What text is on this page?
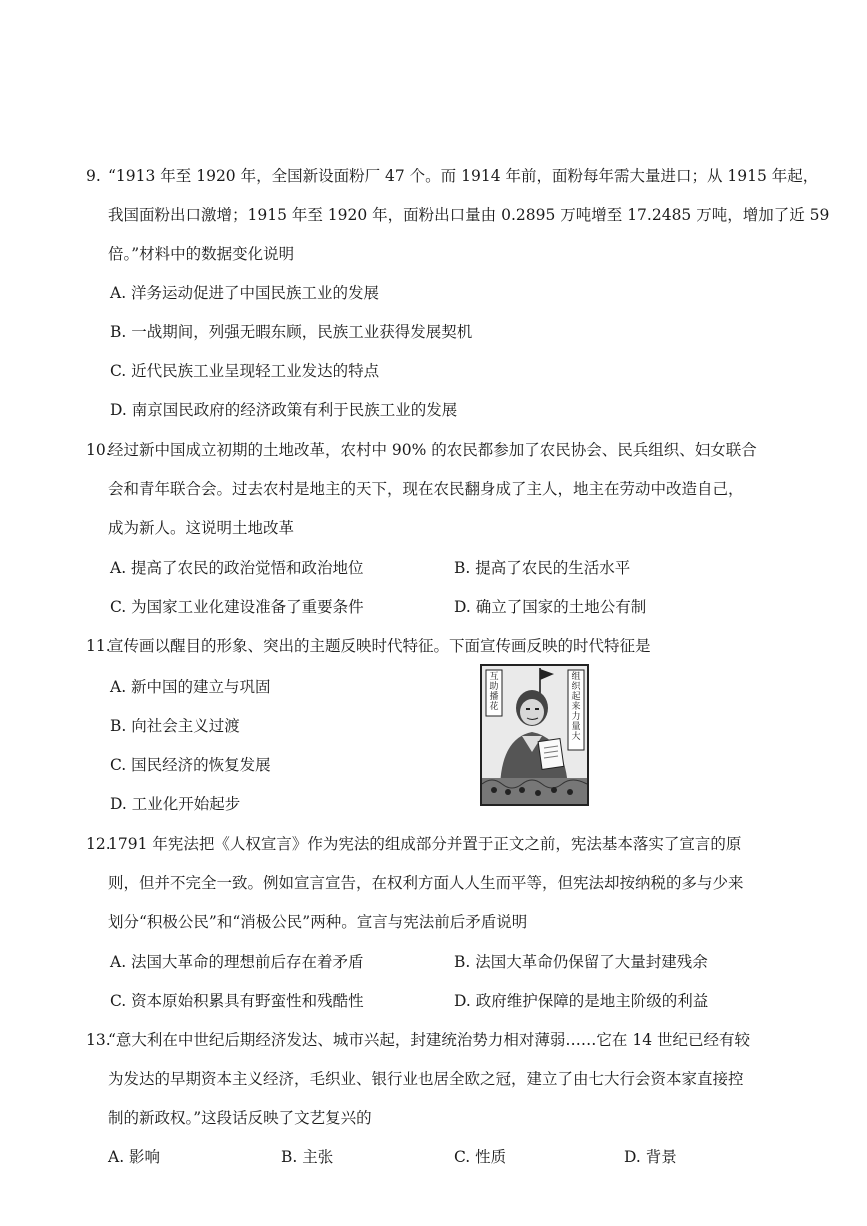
9. “1913 年至 1920 年，全国新设面粉厂 47 个。而 1914 年前，面粉每年需大量进口；从 1915 年起，
我国面粉出口激增；1915 年至 1920 年，面粉出口量由 0.2895 万吨增至 17.2485 万吨，增加了近 59
倍。”材料中的数据变化说明
A. 洋务运动促进了中国民族工业的发展
B. 一战期间，列强无暇东顾，民族工业获得发展契机
C. 近代民族工业呈现轻工业发达的特点
D. 南京国民政府的经济政策有利于民族工业的发展
10.经过新中国成立初期的土地改革，农村中 90% 的农民都参加了农民协会、民兵组织、妇女联合
会和青年联合会。过去农村是地主的天下，现在农民翻身成了主人，地主在劳动中改造自己，
成为新人。这说明土地改革
A. 提高了农民的政治觉悟和政治地位	B. 提高了农民的生活水平
C. 为国家工业化建设准备了重要条件	D. 确立了国家的土地公有制
11.宣传画以醒目的形象、突出的主题反映时代特征。下面宣传画反映的时代特征是
A. 新中国的建立与巩固
B. 向社会主义过渡
C. 国民经济的恢复发展
D. 工业化开始起步
互助播花
组织起来力量大
12.1791 年宪法把《人权宣言》作为宪法的组成部分并置于正文之前，宪法基本落实了宣言的原
则，但并不完全一致。例如宣言宣告，在权利方面人人生而平等，但宪法却按纳税的多与少来
划分“积极公民”和“消极公民”两种。宣言与宪法前后矛盾说明
A. 法国大革命的理想前后存在着矛盾	B. 法国大革命仍保留了大量封建残余
C. 资本原始积累具有野蛮性和残酷性	D. 政府维护保障的是地主阶级的利益
13.“意大利在中世纪后期经济发达、城市兴起，封建统治势力相对薄弱……它在 14 世纪已经有较
为发达的早期资本主义经济，毛织业、银行业也居全欧之冠，建立了由七大行会资本家直接控
制的新政权。”这段话反映了文艺复兴的
A. 影响	B. 主张	C. 性质	D. 背景
